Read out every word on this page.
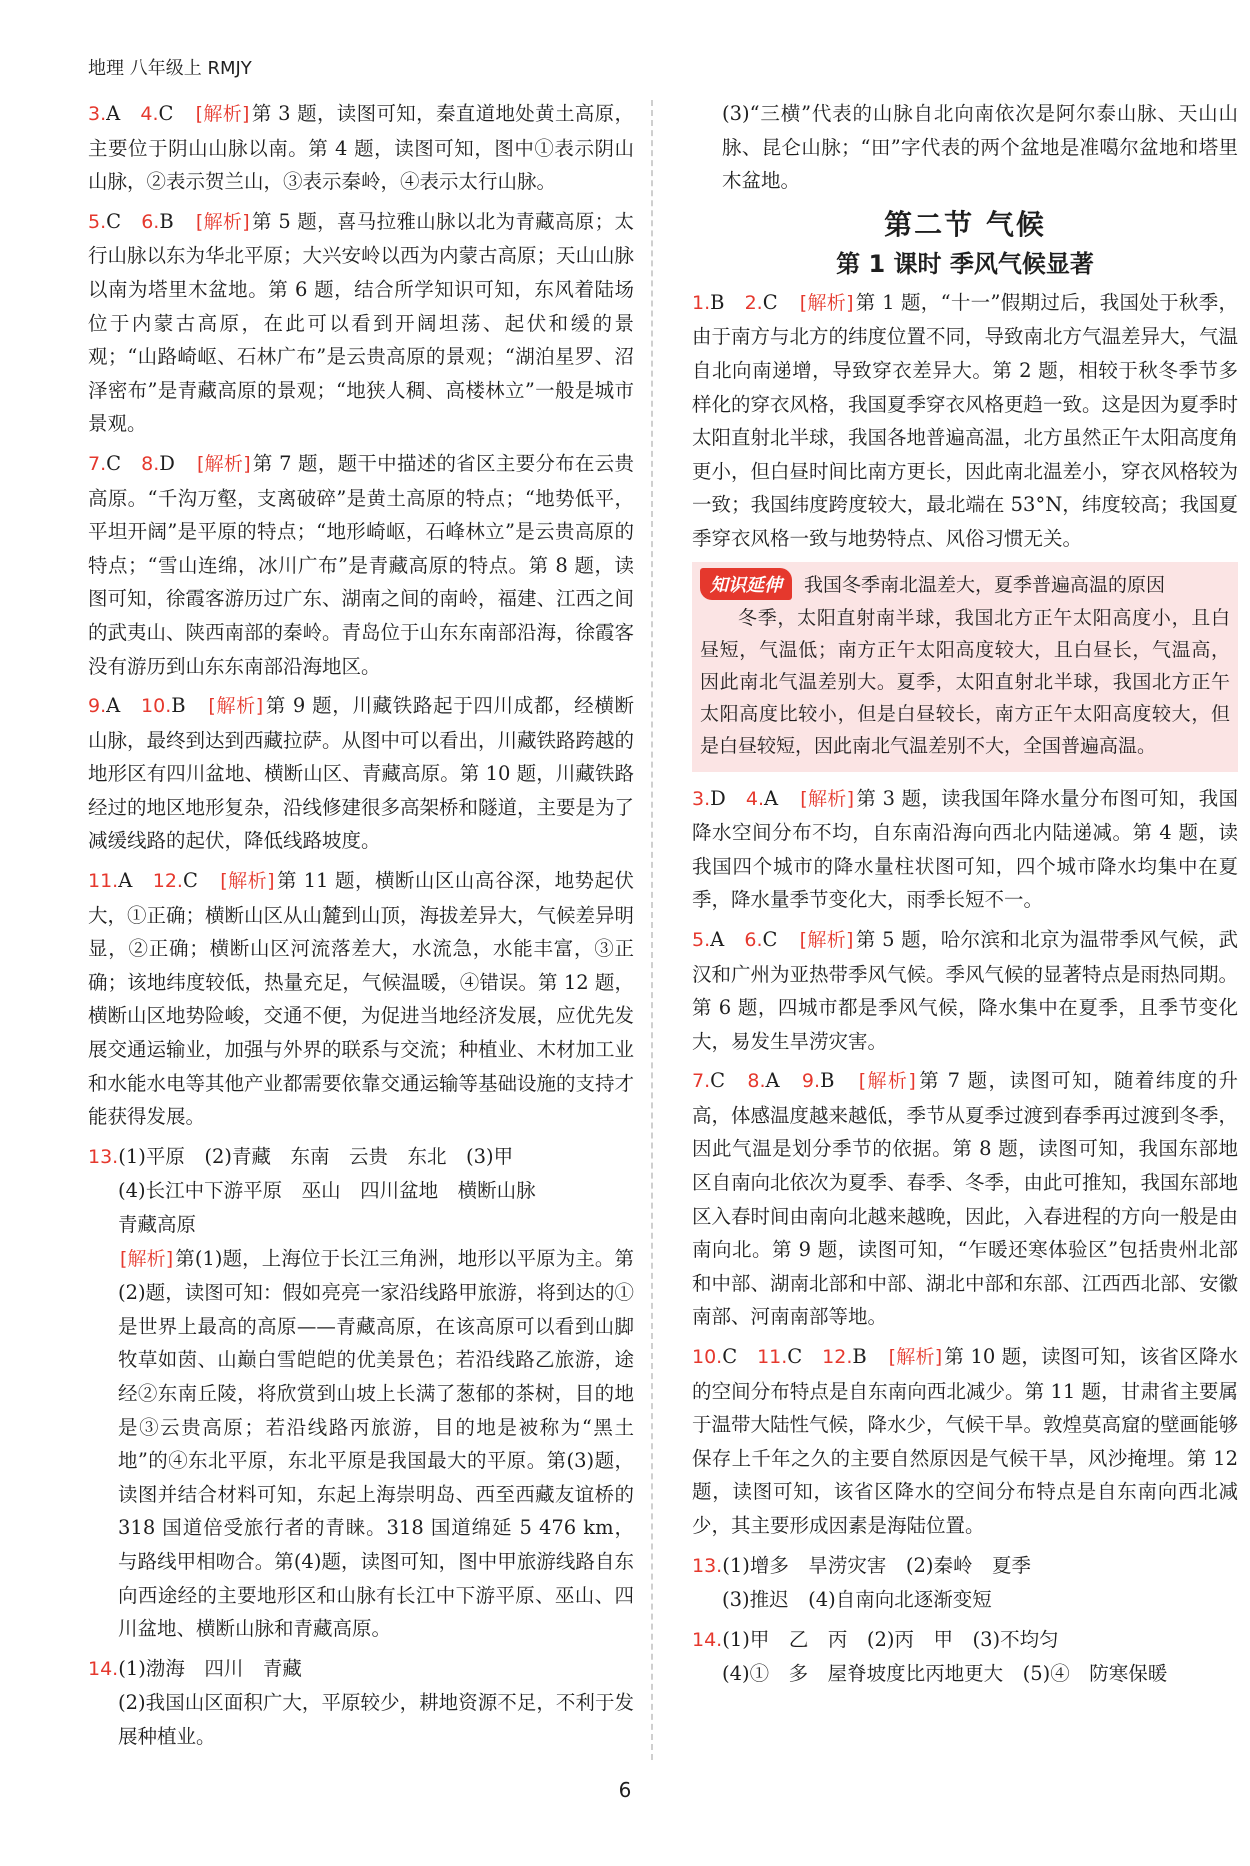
地理 八年级上 RMJY

3.A　 4.C　 [解析] 第 3 题，读图可知，秦直道地处黄土高原，主要位于阴山山脉以南。第 4 题，读图可知，图中①表示阴山山脉，②表示贺兰山，③表示秦岭，④表示太行山脉。

5.C　 6.B　 [解析] 第 5 题，喜马拉雅山脉以北为青藏高原；太行山脉以东为华北平原；大兴安岭以西为内蒙古高原；天山山脉以南为塔里木盆地。第 6 题，结合所学知识可知，东风着陆场位于内蒙古高原，在此可以看到开阔坦荡、起伏和缓的景观；“山路崎岖、石林广布”是云贵高原的景观；“湖泊星罗、沼泽密布”是青藏高原的景观；“地狭人稠、高楼林立”一般是城市景观。

7.C　 8.D　 [解析] 第 7 题，题干中描述的省区主要分布在云贵高原。“千沟万壑，支离破碎”是黄土高原的特点；“地势低平，平坦开阔”是平原的特点；“地形崎岖，石峰林立”是云贵高原的特点；“雪山连绵，冰川广布”是青藏高原的特点。第 8 题，读图可知，徐霞客游历过广东、湖南之间的南岭，福建、江西之间的武夷山、陕西南部的秦岭。青岛位于山东东南部沿海，徐霞客没有游历到山东东南部沿海地区。

9.A　 10.B　 [解析] 第 9 题，川藏铁路起于四川成都，经横断山脉，最终到达到西藏拉萨。从图中可以看出，川藏铁路跨越的地形区有四川盆地、横断山区、青藏高原。第 10 题，川藏铁路经过的地区地形复杂，沿线修建很多高架桥和隧道，主要是为了减缓线路的起伏，降低线路坡度。

11.A　 12.C　 [解析] 第 11 题，横断山区山高谷深，地势起伏大，①正确；横断山区从山麓到山顶，海拔差异大，气候差异明显，②正确；横断山区河流落差大，水流急，水能丰富，③正确；该地纬度较低，热量充足，气候温暖，④错误。第 12 题，横断山区地势险峻，交通不便，为促进当地经济发展，应优先发展交通运输业，加强与外界的联系与交流；种植业、木材加工业和水能水电等其他产业都需要依靠交通运输等基础设施的支持才能获得发展。

13.(1)平原　(2)青藏　东南　云贵　东北　(3)甲

(4)长江中下游平原　巫山　四川盆地　横断山脉

青藏高原

[解析] 第(1)题，上海位于长江三角洲，地形以平原为主。第(2)题，读图可知：假如亮亮一家沿线路甲旅游，将到达的①是世界上最高的高原——青藏高原，在该高原可以看到山脚牧草如茵、山巅白雪皑皑的优美景色；若沿线路乙旅游，途经②东南丘陵，将欣赏到山坡上长满了葱郁的茶树，目的地是③云贵高原；若沿线路丙旅游，目的地是被称为“黑土地”的④东北平原，东北平原是我国最大的平原。第(3)题，读图并结合材料可知，东起上海崇明岛、西至西藏友谊桥的 318 国道倍受旅行者的青睐。318 国道绵延 5 476 km，与路线甲相吻合。第(4)题，读图可知，图中甲旅游线路自东向西途经的主要地形区和山脉有长江中下游平原、巫山、四川盆地、横断山脉和青藏高原。

14.(1)渤海　四川　青藏

(2)我国山区面积广大，平原较少，耕地资源不足，不利于发展种植业。

(3)“三横”代表的山脉自北向南依次是阿尔泰山脉、天山山脉、昆仑山脉；“田”字代表的两个盆地是准噶尔盆地和塔里木盆地。

第二节 气候
第 1 课时 季风气候显著

1.B　 2.C　 [解析] 第 1 题，“十一”假期过后，我国处于秋季，由于南方与北方的纬度位置不同，导致南北方气温差异大，气温自北向南递增，导致穿衣差异大。第 2 题，相较于秋冬季节多样化的穿衣风格，我国夏季穿衣风格更趋一致。这是因为夏季时太阳直射北半球，我国各地普遍高温，北方虽然正午太阳高度角更小，但白昼时间比南方更长，因此南北温差小，穿衣风格较为一致；我国纬度跨度较大，最北端在 53°N，纬度较高；我国夏季穿衣风格一致与地势特点、风俗习惯无关。

知识延伸	我国冬季南北温差大，夏季普遍高温的原因
冬季，太阳直射南半球，我国北方正午太阳高度小，且白昼短，气温低；南方正午太阳高度较大，且白昼长，气温高，因此南北气温差别大。夏季，太阳直射北半球，我国北方正午太阳高度比较小，但是白昼较长，南方正午太阳高度较大，但是白昼较短，因此南北气温差别不大，全国普遍高温。

3.D　 4.A　 [解析] 第 3 题，读我国年降水量分布图可知，我国降水空间分布不均，自东南沿海向西北内陆递减。第 4 题，读我国四个城市的降水量柱状图可知，四个城市降水均集中在夏季，降水量季节变化大，雨季长短不一。

5.A　 6.C　 [解析] 第 5 题，哈尔滨和北京为温带季风气候，武汉和广州为亚热带季风气候。季风气候的显著特点是雨热同期。第 6 题，四城市都是季风气候，降水集中在夏季，且季节变化大，易发生旱涝灾害。

7.C　 8.A　 9.B　 [解析] 第 7 题，读图可知，随着纬度的升高，体感温度越来越低，季节从夏季过渡到春季再过渡到冬季，因此气温是划分季节的依据。第 8 题，读图可知，我国东部地区自南向北依次为夏季、春季、冬季，由此可推知，我国东部地区入春时间由南向北越来越晚，因此，入春进程的方向一般是由南向北。第 9 题，读图可知，“乍暖还寒体验区”包括贵州北部和中部、湖南北部和中部、湖北中部和东部、江西西北部、安徽南部、河南南部等地。

10.C　 11.C　 12.B　 [解析] 第 10 题，读图可知，该省区降水的空间分布特点是自东南向西北减少。第 11 题，甘肃省主要属于温带大陆性气候，降水少，气候干旱。敦煌莫高窟的壁画能够保存上千年之久的主要自然原因是气候干旱，风沙掩埋。第 12 题，读图可知，该省区降水的空间分布特点是自东南向西北减少，其主要形成因素是海陆位置。

13.(1)增多　旱涝灾害　(2)秦岭　夏季

(3)推迟　(4)自南向北逐渐变短

14.(1)甲　乙　丙　(2)丙　甲　(3)不均匀

(4)①　多　屋脊坡度比丙地更大　(5)④　防寒保暖

6
